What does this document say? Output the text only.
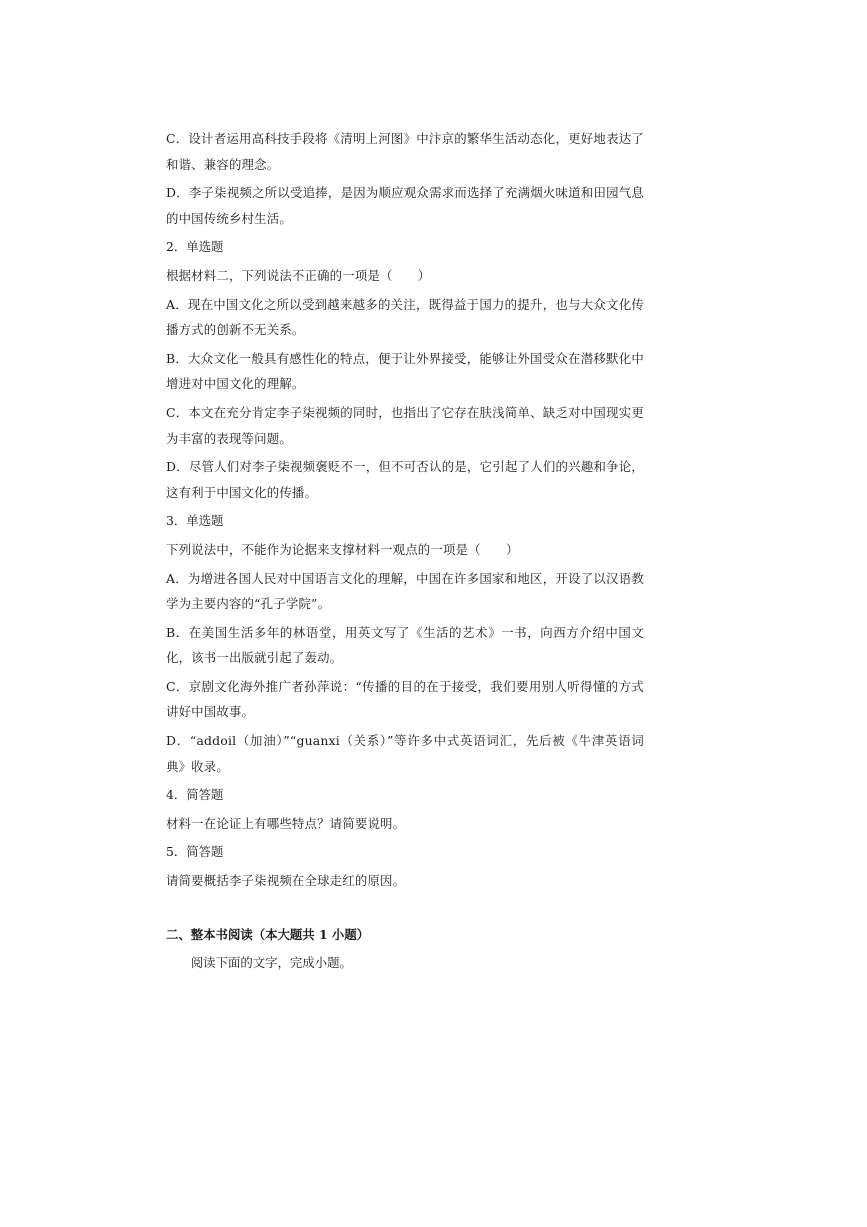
C．设计者运用高科技手段将《清明上河图》中汴京的繁华生活动态化，更好地表达了和谐、兼容的理念。

D．李子柒视频之所以受追捧，是因为顺应观众需求而选择了充满烟火味道和田园气息的中国传统乡村生活。

2．单选题

根据材料二，下列说法不正确的一项是（　　）

A．现在中国文化之所以受到越来越多的关注，既得益于国力的提升，也与大众文化传播方式的创新不无关系。

B．大众文化一般具有感性化的特点，便于让外界接受，能够让外国受众在潜移默化中增进对中国文化的理解。

C．本文在充分肯定李子柒视频的同时，也指出了它存在肤浅简单、缺乏对中国现实更为丰富的表现等问题。

D．尽管人们对李子柒视频褒贬不一，但不可否认的是，它引起了人们的兴趣和争论，这有利于中国文化的传播。

3．单选题

下列说法中，不能作为论据来支撑材料一观点的一项是（　　）

A．为增进各国人民对中国语言文化的理解，中国在许多国家和地区，开设了以汉语教学为主要内容的“孔子学院”。

B．在美国生活多年的林语堂，用英文写了《生活的艺术》一书，向西方介绍中国文化，该书一出版就引起了轰动。

C．京剧文化海外推广者孙萍说：“传播的目的在于接受，我们要用别人听得懂的方式讲好中国故事。

D．“addoil（加油）”“guanxi（关系）”等许多中式英语词汇，先后被《牛津英语词典》收录。

4．简答题

材料一在论证上有哪些特点？请简要说明。

5．简答题

请简要概括李子柒视频在全球走红的原因。

二、整本书阅读（本大题共 1 小题）

阅读下面的文字，完成小题。
